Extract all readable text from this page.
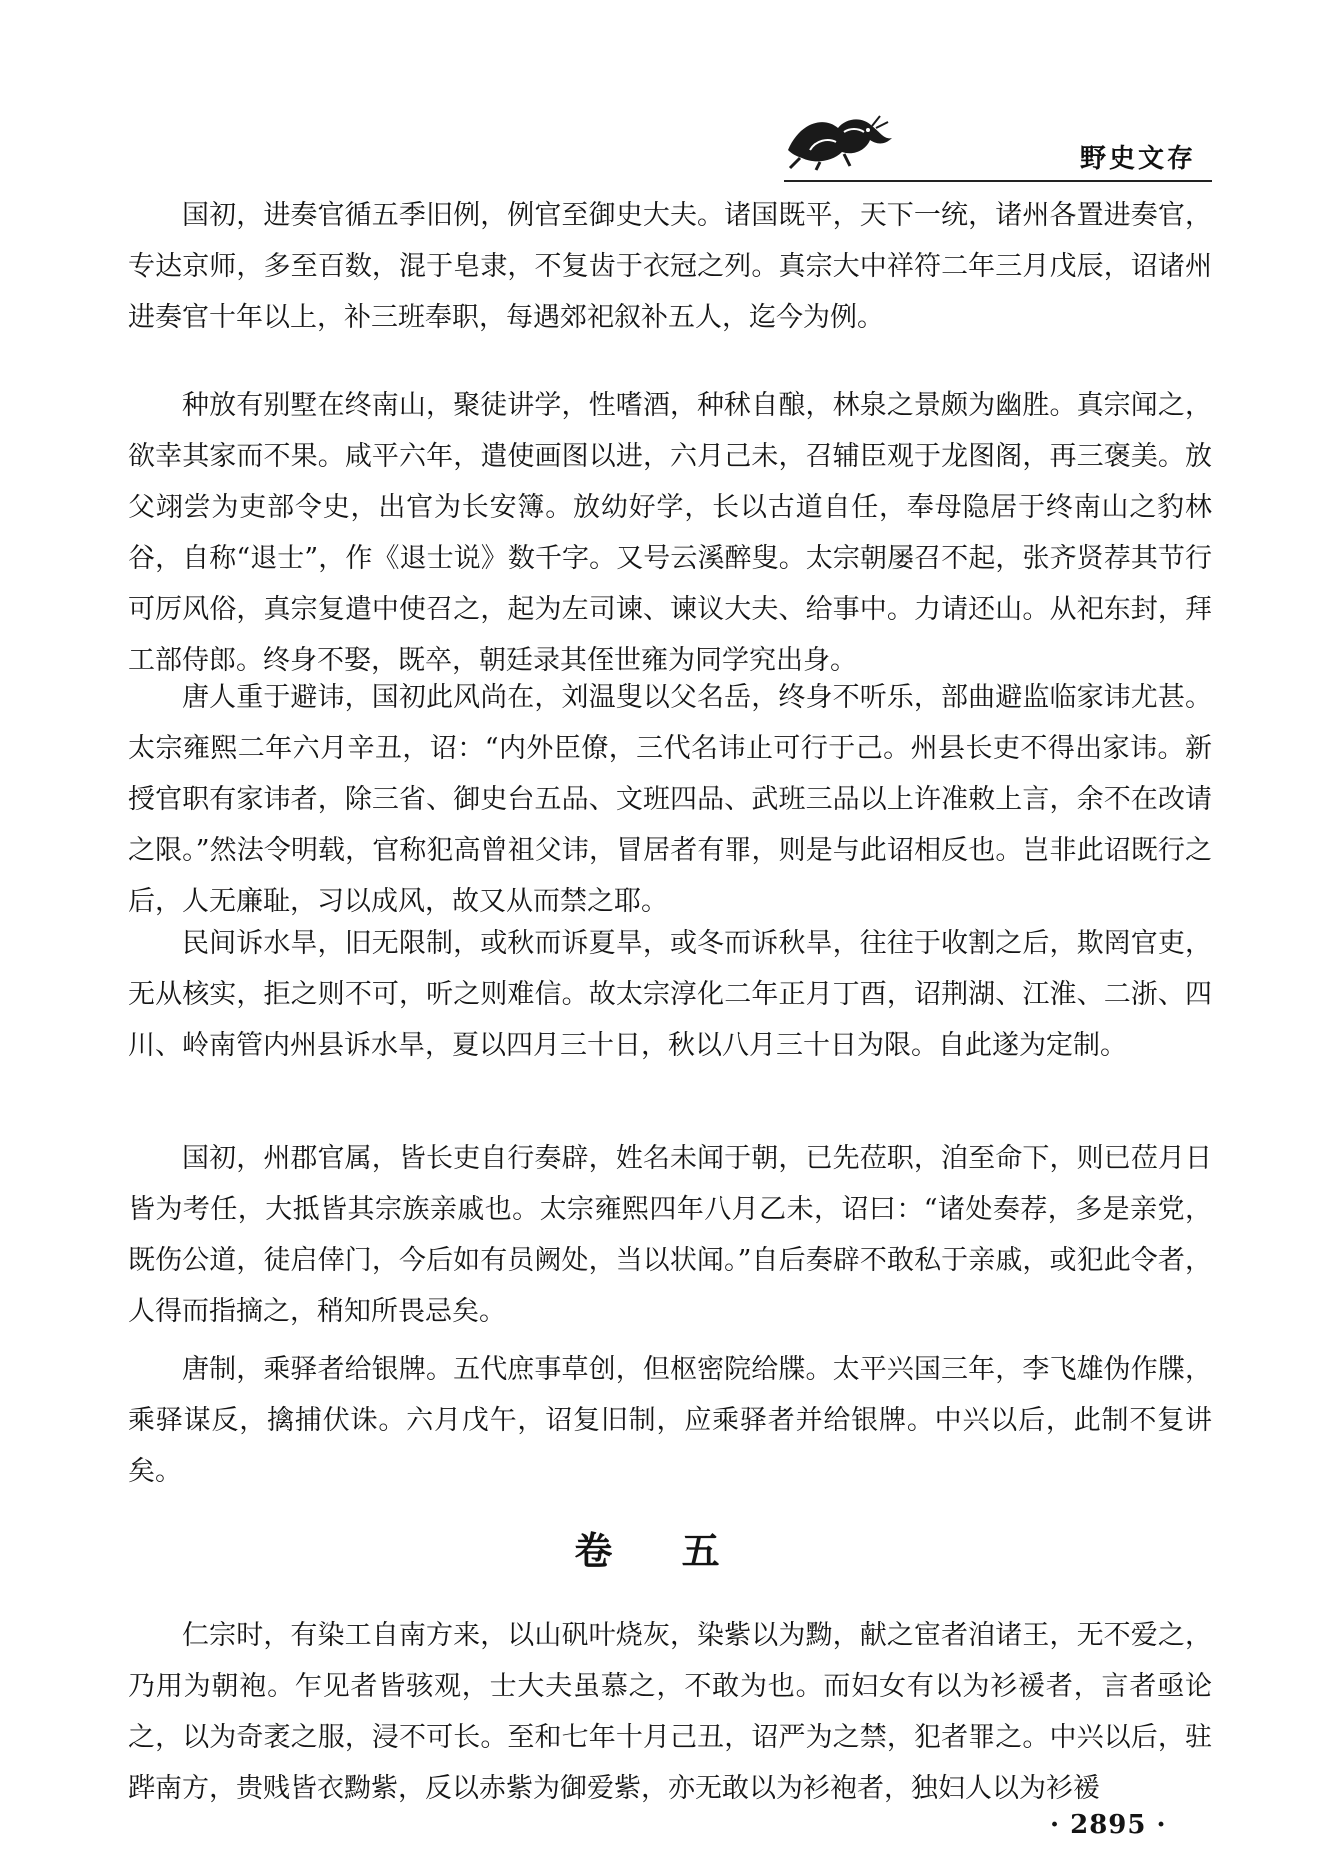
野史文存

国初，进奏官循五季旧例，例官至御史大夫。诸国既平，天下一统，诸州各置进奏官，专达京师，多至百数，混于皂隶，不复齿于衣冠之列。真宗大中祥符二年三月戊辰，诏诸州进奏官十年以上，补三班奉职，每遇郊祀叙补五人，迄今为例。

种放有别墅在终南山，聚徒讲学，性嗜酒，种秫自酿，林泉之景颇为幽胜。真宗闻之，欲幸其家而不果。咸平六年，遣使画图以进，六月己未，召辅臣观于龙图阁，再三褒美。放父翊尝为吏部令史，出官为长安簿。放幼好学，长以古道自任，奉母隐居于终南山之豹林谷，自称“退士”，作《退士说》数千字。又号云溪醉叟。太宗朝屡召不起，张齐贤荐其节行可厉风俗，真宗复遣中使召之，起为左司谏、谏议大夫、给事中。力请还山。从祀东封，拜工部侍郎。终身不娶，既卒，朝廷录其侄世雍为同学究出身。

唐人重于避讳，国初此风尚在，刘温叟以父名岳，终身不听乐，部曲避监临家讳尤甚。太宗雍熙二年六月辛丑，诏：“内外臣僚，三代名讳止可行于己。州县长吏不得出家讳。新授官职有家讳者，除三省、御史台五品、文班四品、武班三品以上许准敕上言，余不在改请之限。”然法令明载，官称犯高曾祖父讳，冒居者有罪，则是与此诏相反也。岂非此诏既行之后，人无廉耻，习以成风，故又从而禁之耶。

民间诉水旱，旧无限制，或秋而诉夏旱，或冬而诉秋旱，往往于收割之后，欺罔官吏，无从核实，拒之则不可，听之则难信。故太宗淳化二年正月丁酉，诏荆湖、江淮、二浙、四川、岭南管内州县诉水旱，夏以四月三十日，秋以八月三十日为限。自此遂为定制。

国初，州郡官属，皆长吏自行奏辟，姓名未闻于朝，已先莅职，洎至命下，则已莅月日皆为考任，大抵皆其宗族亲戚也。太宗雍熙四年八月乙未，诏曰：“诸处奏荐，多是亲党，既伤公道，徒启倖门，今后如有员阙处，当以状闻。”自后奏辟不敢私于亲戚，或犯此令者，人得而指摘之，稍知所畏忌矣。

唐制，乘驿者给银牌。五代庶事草创，但枢密院给牒。太平兴国三年，李飞雄伪作牒，乘驿谋反，擒捕伏诛。六月戊午，诏复旧制，应乘驿者并给银牌。中兴以后，此制不复讲矣。

卷 五

仁宗时，有染工自南方来，以山矾叶烧灰，染紫以为黝，献之宦者洎诸王，无不爱之，乃用为朝袍。乍见者皆骇观，士大夫虽慕之，不敢为也。而妇女有以为衫褑者，言者亟论之，以为奇袤之服，浸不可长。至和七年十月己丑，诏严为之禁，犯者罪之。中兴以后，驻跸南方，贵贱皆衣黝紫，反以赤紫为御爱紫，亦无敢以为衫袍者，独妇人以为衫褑

· 2895 ·
